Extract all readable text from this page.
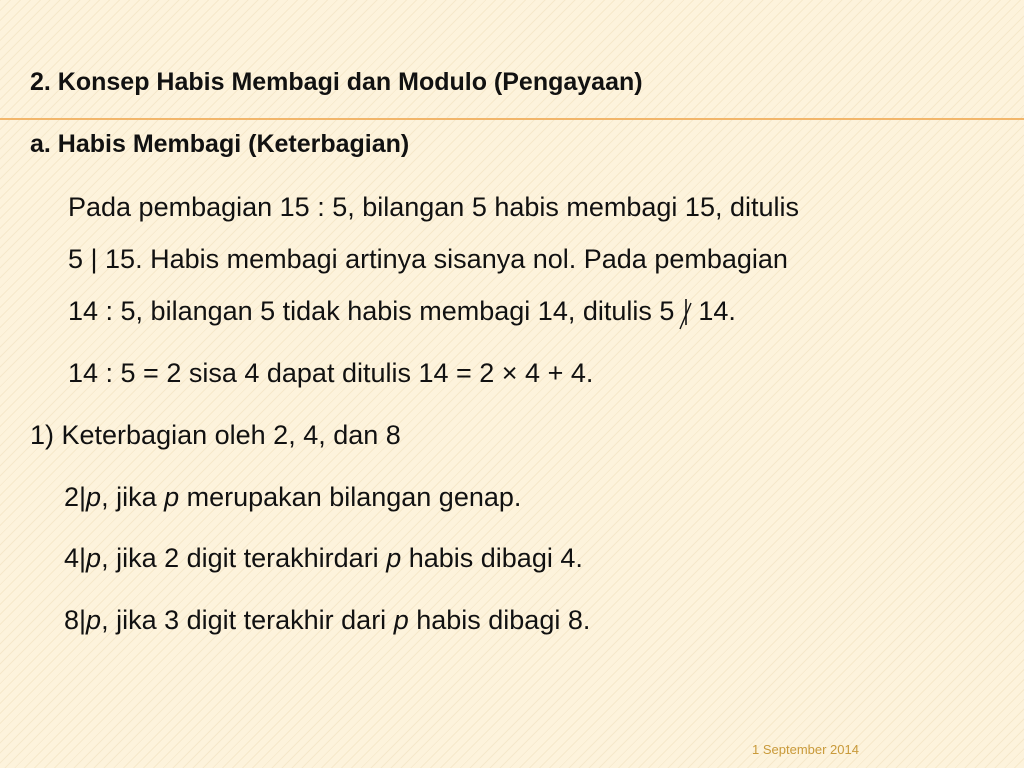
2. Konsep Habis Membagi dan Modulo (Pengayaan)

a. Habis Membagi (Keterbagian)

Pada pembagian 15 : 5, bilangan 5 habis membagi 15, ditulis

5 | 15. Habis membagi artinya sisanya nol. Pada pembagian

14 : 5, bilangan 5 tidak habis membagi 14, ditulis 5 14.

14 : 5 = 2 sisa 4 dapat ditulis 14 = 2 × 4 + 4.

1) Keterbagian oleh 2, 4, dan 8

2|p, jika p merupakan bilangan genap.

4|p, jika 2 digit terakhirdari p habis dibagi 4.

8|p, jika 3 digit terakhir dari p habis dibagi 8.

1 September 2014
